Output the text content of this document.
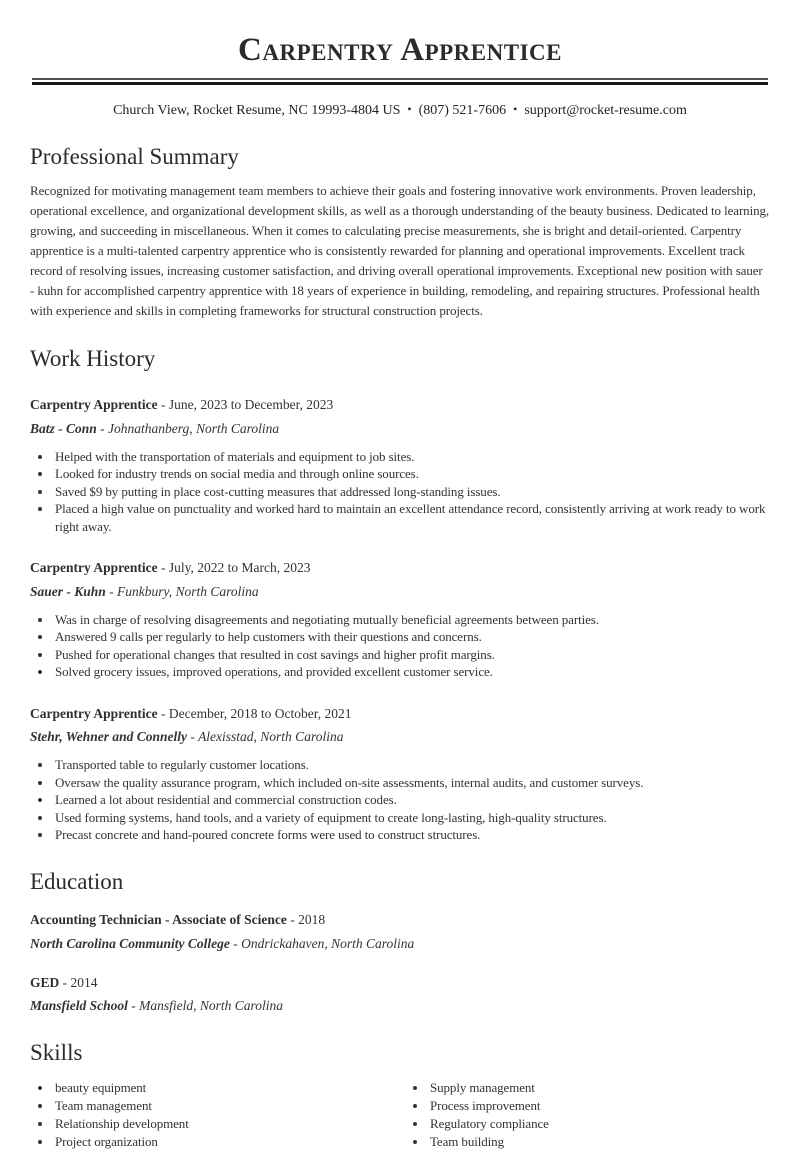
Carpentry Apprentice
Church View, Rocket Resume, NC 19993-4804 US • (807) 521-7606 • support@rocket-resume.com
Professional Summary

Recognized for motivating management team members to achieve their goals and fostering innovative work environments. Proven leadership, operational excellence, and organizational development skills, as well as a thorough understanding of the beauty business. Dedicated to learning, growing, and succeeding in miscellaneous. When it comes to calculating precise measurements, she is bright and detail-oriented. Carpentry apprentice is a multi-talented carpentry apprentice who is consistently rewarded for planning and operational improvements. Excellent track record of resolving issues, increasing customer satisfaction, and driving overall operational improvements. Exceptional new position with sauer - kuhn for accomplished carpentry apprentice with 18 years of experience in building, remodeling, and repairing structures. Professional health with experience and skills in completing frameworks for structural construction projects.

Work History

Carpentry Apprentice - June, 2023 to December, 2023

Batz - Conn - Johnathanberg, North Carolina

• Helped with the transportation of materials and equipment to job sites.
• Looked for industry trends on social media and through online sources.
• Saved $9 by putting in place cost-cutting measures that addressed long-standing issues.
• Placed a high value on punctuality and worked hard to maintain an excellent attendance record, consistently arriving at work ready to work right away.

Carpentry Apprentice - July, 2022 to March, 2023

Sauer - Kuhn - Funkbury, North Carolina

• Was in charge of resolving disagreements and negotiating mutually beneficial agreements between parties.
• Answered 9 calls per regularly to help customers with their questions and concerns.
• Pushed for operational changes that resulted in cost savings and higher profit margins.
• Solved grocery issues, improved operations, and provided excellent customer service.

Carpentry Apprentice - December, 2018 to October, 2021

Stehr, Wehner and Connelly - Alexisstad, North Carolina

• Transported table to regularly customer locations.
• Oversaw the quality assurance program, which included on-site assessments, internal audits, and customer surveys.
• Learned a lot about residential and commercial construction codes.
• Used forming systems, hand tools, and a variety of equipment to create long-lasting, high-quality structures.
• Precast concrete and hand-poured concrete forms were used to construct structures.
Education

Accounting Technician - Associate of Science - 2018

North Carolina Community College - Ondrickahaven, North Carolina

GED - 2014

Mansfield School - Mansfield, North Carolina

Skills
• beauty equipment
• Team management
• Relationship development
• Project organization
• Supply management
• Process improvement
• Regulatory compliance
• Team building
